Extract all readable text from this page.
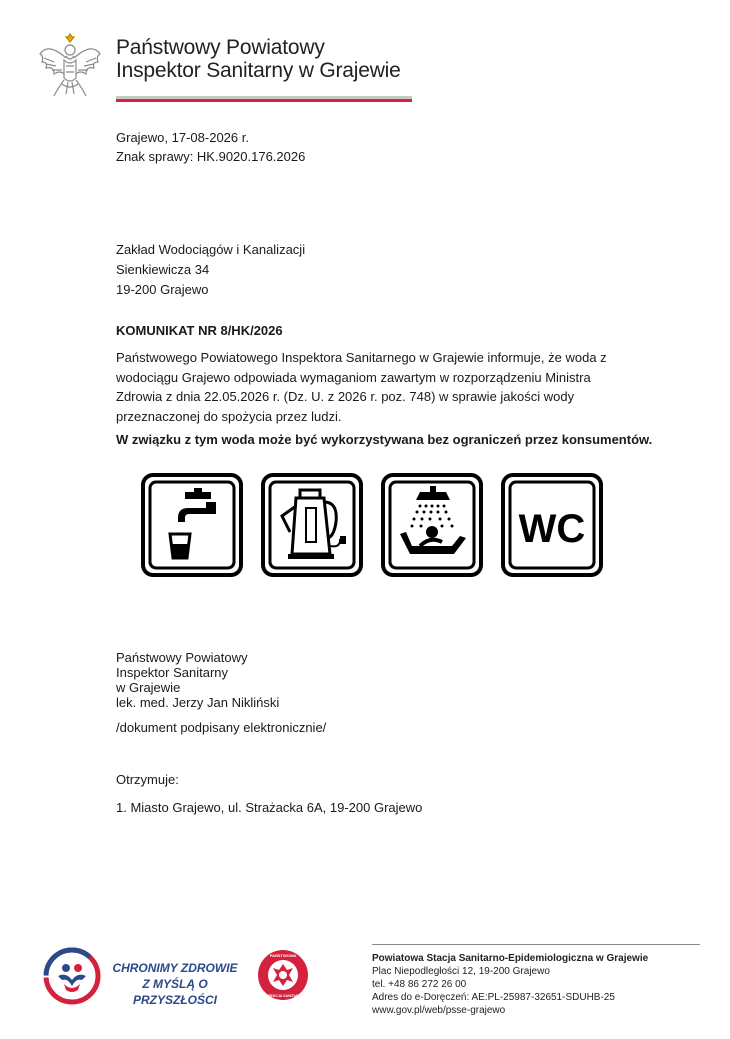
Państwowy Powiatowy
Inspektor Sanitarny w Grajewie
Grajewo, 17-08-2026 r.
Znak sprawy: HK.9020.176.2026
Zakład Wodociągów i Kanalizacji
Sienkiewicza 34
19-200 Grajewo
KOMUNIKAT NR 8/HK/2026
Państwowego Powiatowego Inspektora Sanitarnego w Grajewie informuje, że woda z wodociągu Grajewo odpowiada wymaganiom zawartym w rozporządzeniu Ministra Zdrowia z dnia 22.05.2026 r. (Dz. U. z 2026 r. poz. 748) w sprawie jakości wody przeznaczonej do spożycia przez ludzi.
W związku z tym woda może być wykorzystywana bez ograniczeń przez konsumentów.
WC
Państwowy Powiatowy
Inspektor Sanitarny
w Grajewie
lek. med. Jerzy Jan Nikliński
/dokument podpisany elektronicznie/
Otrzymuje:
1. Miasto Grajewo, ul. Strażacka 6A, 19-200 Grajewo
CHRONIMY ZDROWIE
Z MYŚLĄ O PRZYSZŁOŚCI
PAŃSTWOWA
INSPEKCJA SANITARNA
Powiatowa Stacja Sanitarno-Epidemiologiczna w Grajewie
Plac Niepodległości 12, 19-200 Grajewo
tel. +48 86 272 26 00
Adres do e-Doręczeń: AE:PL-25987-32651-SDUHB-25
www.gov.pl/web/psse-grajewo
